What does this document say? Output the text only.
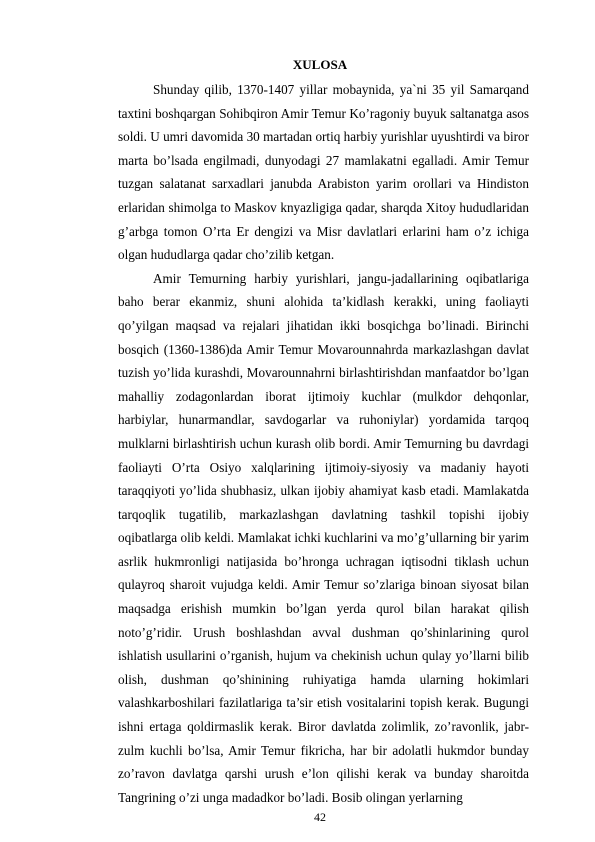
XULOSA

Shunday qilib, 1370-1407 yillar mobaynida, ya`ni 35 yil Samarqand taxtini boshqargan Sohibqiron Amir Temur Ko’ragoniy buyuk saltanatga asos soldi. U umri davomida 30 martadan ortiq harbiy yurishlar uyushtirdi va biror marta bo’lsada engilmadi, dunyodagi 27 mamlakatni egalladi. Amir Temur tuzgan salatanat sarxadlari janubda Arabiston yarim orollari va Hindiston erlaridan shimolga to Maskov knyazligiga qadar, sharqda Xitoy hududlaridan g’arbga tomon O’rta Er dengizi va Misr davlatlari erlarini ham o’z ichiga olgan hududlarga qadar cho’zilib ketgan.

Amir Temurning harbiy yurishlari, jangu-jadallarining oqibatlariga baho berar ekanmiz, shuni alohida ta’kidlash kerakki, uning faoliayti qo’yilgan maqsad va rejalari jihatidan ikki bosqichga bo’linadi. Birinchi bosqich (1360-1386)da Amir Temur Movarounnahrda markazlashgan davlat tuzish yo’lida kurashdi, Movarounnahrni birlashtirishdan manfaatdor bo’lgan mahalliy zodagonlardan iborat ijtimoiy kuchlar (mulkdor dehqonlar, harbiylar, hunarmandlar, savdogarlar va ruhoniylar) yordamida tarqoq mulklarni birlashtirish uchun kurash olib bordi. Amir Temurning bu davrdagi faoliayti O’rta Osiyo xalqlarining ijtimoiy-siyosiy va madaniy hayoti taraqqiyoti yo’lida shubhasiz, ulkan ijobiy ahamiyat kasb etadi. Mamlakatda tarqoqlik tugatilib, markazlashgan davlatning tashkil topishi ijobiy oqibatlarga olib keldi. Mamlakat ichki kuchlarini va mo’g’ullarning bir yarim asrlik hukmronligi natijasida bo’hronga uchragan iqtisodni tiklash uchun qulayroq sharoit vujudga keldi. Amir Temur so’zlariga binoan siyosat bilan maqsadga erishish mumkin bo’lgan yerda qurol bilan harakat qilish noto’g’ridir. Urush boshlashdan avval dushman qo’shinlarining qurol ishlatish usullarini o’rganish, hujum va chekinish uchun qulay yo’llarni bilib olish, dushman qo’shinining ruhiyatiga hamda ularning hokimlari valashkarboshilari fazilatlariga ta’sir etish vositalarini topish kerak. Bugungi ishni ertaga qoldirmaslik kerak. Biror davlatda zolimlik, zo’ravonlik, jabr-zulm kuchli bo’lsa, Amir Temur fikricha, har bir adolatli hukmdor bunday zo’ravon davlatga qarshi urush e’lon qilishi kerak va bunday sharoitda Tangrining o’zi unga madadkor bo’ladi. Bosib olingan yerlarning

42
